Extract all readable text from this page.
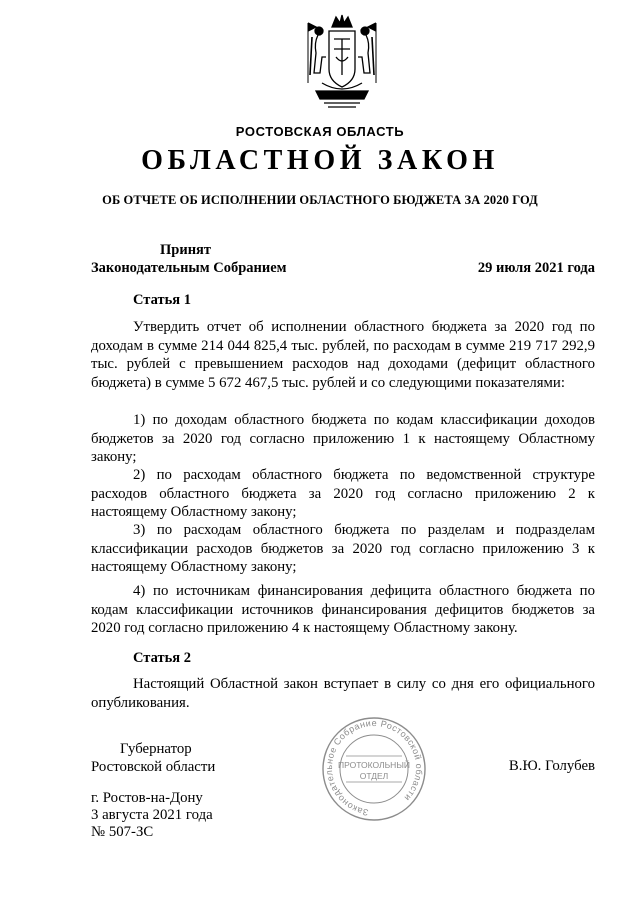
РОСТОВСКАЯ ОБЛАСТЬ
ОБЛАСТНОЙ ЗАКОН
ОБ ОТЧЕТЕ ОБ ИСПОЛНЕНИИ ОБЛАСТНОГО БЮДЖЕТА ЗА 2020 ГОД
Принят
Законодательным Собранием	29 июля 2021 года
Статья 1

Утвердить отчет об исполнении областного бюджета за 2020 год по доходам в сумме 214 044 825,4 тыс. рублей, по расходам в сумме 219 717 292,9 тыс. рублей с превышением расходов над доходами (дефицит областного бюджета) в сумме 5 672 467,5 тыс. рублей и со следующими показателями:

1) по доходам областного бюджета по кодам классификации доходов бюджетов за 2020 год согласно приложению 1 к настоящему Областному закону;

2) по расходам областного бюджета по ведомственной структуре расходов областного бюджета за 2020 год согласно приложению 2 к настоящему Областному закону;

3) по расходам областного бюджета по разделам и подразделам классификации расходов бюджетов за 2020 год согласно приложению 3 к настоящему Областному закону;

4) по источникам финансирования дефицита областного бюджета по кодам классификации источников финансирования дефицитов бюджетов за 2020 год согласно приложению 4 к настоящему Областному закону.

Статья 2

Настоящий Областной закон вступает в силу со дня его официального опубликования.

Губернатор
Ростовской области
Законодательное Собрание Ростовской области
ПРОТОКОЛЬНЫЙ
ОТДЕЛ
В.Ю. Голубев
г. Ростов-на-Дону
3 августа 2021 года
№ 507-ЗС
